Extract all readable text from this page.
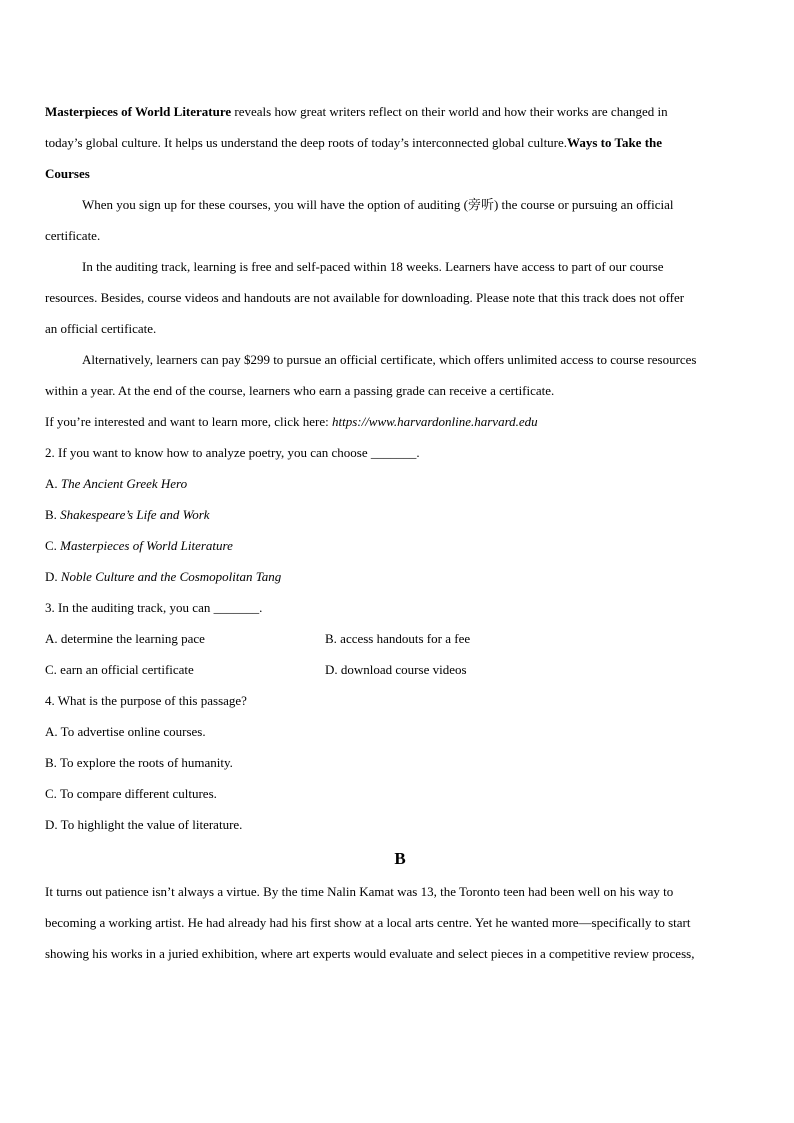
Masterpieces of World Literature reveals how great writers reflect on their world and how their works are changed in
today’s global culture. It helps us understand the deep roots of today’s interconnected global culture.Ways to Take the
Courses
When you sign up for these courses, you will have the option of auditing (旁听) the course or pursuing an official
certificate.
In the auditing track, learning is free and self-paced within 18 weeks. Learners have access to part of our course
resources. Besides, course videos and handouts are not available for downloading. Please note that this track does not offer
an official certificate.
Alternatively, learners can pay $299 to pursue an official certificate, which offers unlimited access to course resources
within a year. At the end of the course, learners who earn a passing grade can receive a certificate.
If you’re interested and want to learn more, click here: https://www.harvardonline.harvard.edu
2. If you want to know how to analyze poetry, you can choose _______.
A. The Ancient Greek Hero
B. Shakespeare’s Life and Work
C. Masterpieces of World Literature
D. Noble Culture and the Cosmopolitan Tang
3. In the auditing track, you can _______.
A. determine the learning pace	B. access handouts for a fee
C. earn an official certificate	D. download course videos
4. What is the purpose of this passage?
A. To advertise online courses.
B. To explore the roots of humanity.
C. To compare different cultures.
D. To highlight the value of literature.
B
It turns out patience isn’t always a virtue. By the time Nalin Kamat was 13, the Toronto teen had been well on his way to
becoming a working artist. He had already had his first show at a local arts centre. Yet he wanted more—specifically to start
showing his works in a juried exhibition, where art experts would evaluate and select pieces in a competitive review process,
